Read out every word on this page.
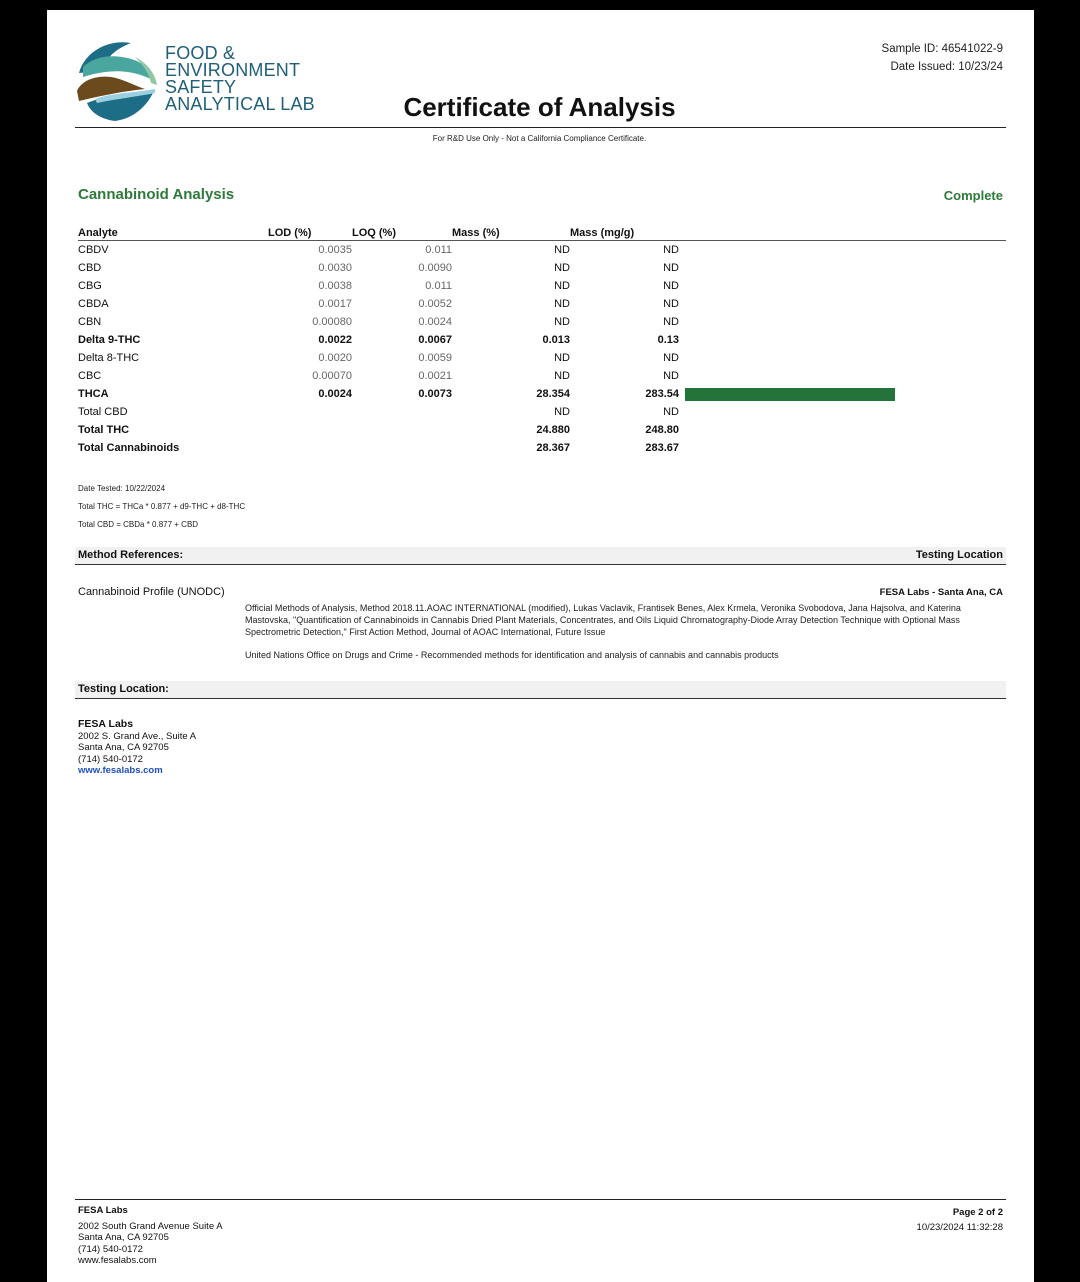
FOOD &
ENVIRONMENT
SAFETY
ANALYTICAL LAB
Sample ID: 46541022-9
Date Issued: 10/23/24
Certificate of Analysis
For R&D Use Only - Not a California Compliance Certificate.
Cannabinoid Analysis	Complete
Analyte	LOD (%)	LOQ (%)	Mass (%)	Mass (mg/g)	
CBDV	0.0035	0.011	ND	ND	
CBD	0.0030	0.0090	ND	ND	
CBG	0.0038	0.011	ND	ND	
CBDA	0.0017	0.0052	ND	ND	
CBN	0.00080	0.0024	ND	ND	
Delta 9-THC	0.0022	0.0067	0.013	0.13	
Delta 8-THC	0.0020	0.0059	ND	ND	
CBC	0.00070	0.0021	ND	ND	
THCA	0.0024	0.0073	28.354	283.54	

Total CBD			ND	ND	
Total THC			24.880	248.80	
Total Cannabinoids			28.367	283.67	
Date Tested: 10/22/2024
Total THC = THCa * 0.877 + d9-THC + d8-THC
Total CBD = CBDa * 0.877 + CBD
Method References:	Testing Location
Cannabinoid Profile (UNODC)	FESA Labs - Santa Ana, CA
Official Methods of Analysis, Method 2018.11.AOAC INTERNATIONAL (modified), Lukas Vaclavik, Frantisek Benes, Alex Krmela, Veronika Svobodova, Jana Hajsolva, and Katerina Mastovska, "Quantification of Cannabinoids in Cannabis Dried Plant Materials, Concentrates, and Oils Liquid Chromatography-Diode Array Detection Technique with Optional Mass Spectrometric Detection," First Action Method, Journal of AOAC International, Future Issue
United Nations Office on Drugs and Crime - Recommended methods for identification and analysis of cannabis and cannabis products
Testing Location:
FESA Labs
2002 S. Grand Ave., Suite A
Santa Ana, CA 92705
(714) 540-0172
www.fesalabs.com
FESA Labs
2002 South Grand Avenue Suite A
Santa Ana, CA 92705
(714) 540-0172
www.fesalabs.com
Page 2 of 2
10/23/2024 11:32:28
